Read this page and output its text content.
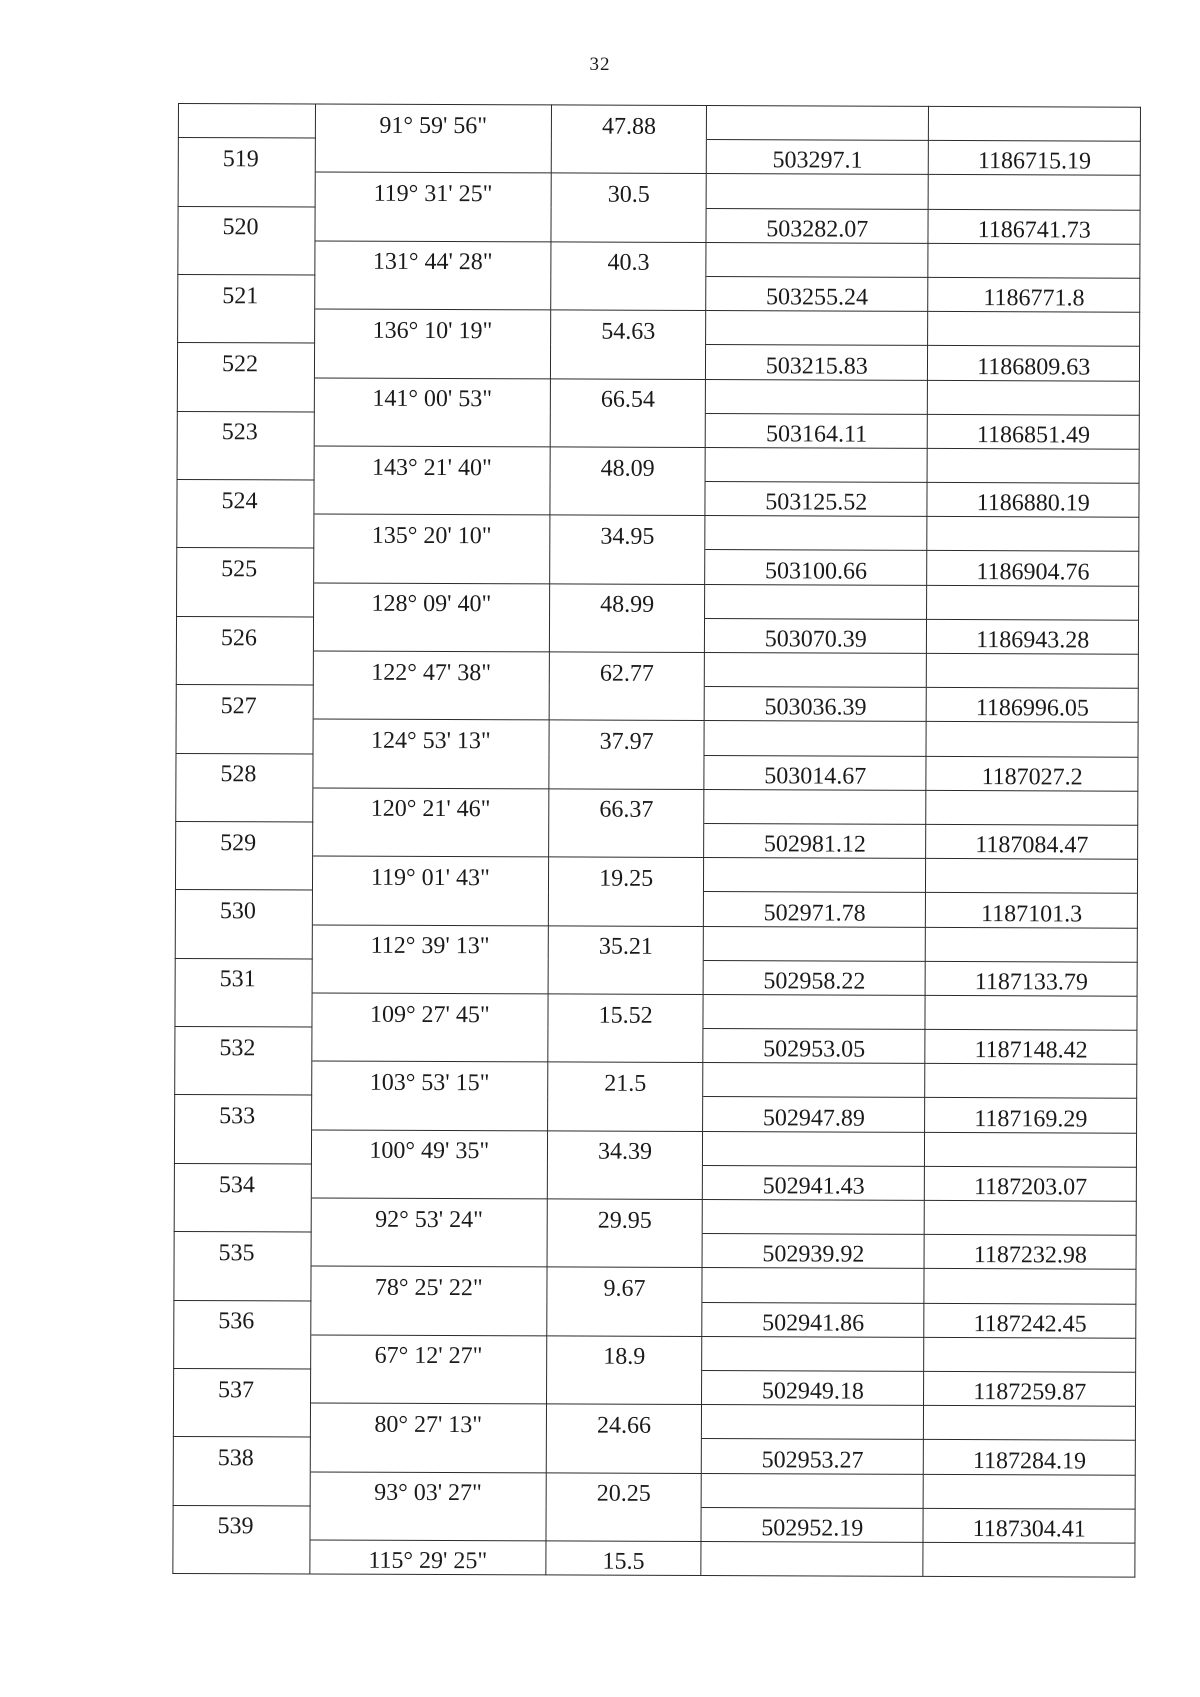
32
	91° 59' 56"	47.88		
519			503297.1	1186715.19
	119° 31' 25"	30.5		
520			503282.07	1186741.73
	131° 44' 28"	40.3		
521			503255.24	1186771.8
	136° 10' 19"	54.63		
522			503215.83	1186809.63
	141° 00' 53"	66.54		
523			503164.11	1186851.49
	143° 21' 40"	48.09		
524			503125.52	1186880.19
	135° 20' 10"	34.95		
525			503100.66	1186904.76
	128° 09' 40"	48.99		
526			503070.39	1186943.28
	122° 47' 38"	62.77		
527			503036.39	1186996.05
	124° 53' 13"	37.97		
528			503014.67	1187027.2
	120° 21' 46"	66.37		
529			502981.12	1187084.47
	119° 01' 43"	19.25		
530			502971.78	1187101.3
	112° 39' 13"	35.21		
531			502958.22	1187133.79
	109° 27' 45"	15.52		
532			502953.05	1187148.42
	103° 53' 15"	21.5		
533			502947.89	1187169.29
	100° 49' 35"	34.39		
534			502941.43	1187203.07
	92° 53' 24"	29.95		
535			502939.92	1187232.98
	78° 25' 22"	9.67		
536			502941.86	1187242.45
	67° 12' 27"	18.9		
537			502949.18	1187259.87
	80° 27' 13"	24.66		
538			502953.27	1187284.19
	93° 03' 27"	20.25		
539			502952.19	1187304.41
	115° 29' 25"	15.5		
